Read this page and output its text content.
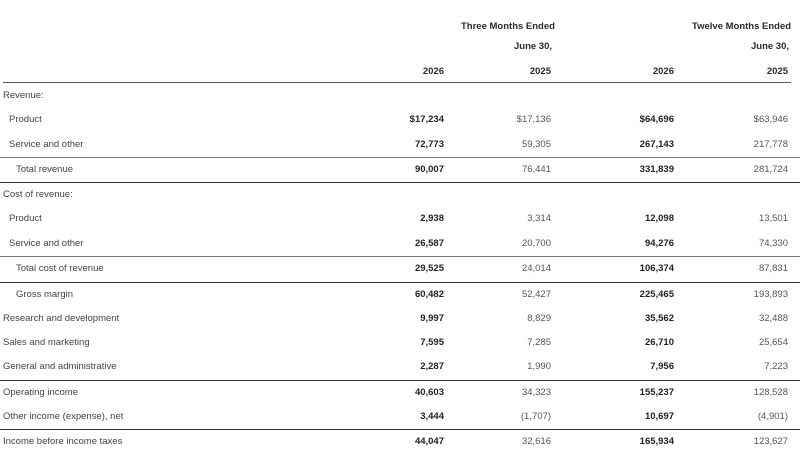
Three Months Ended
June 30,
Twelve Months Ended
June 30,
2026	2025	2026	2025
Revenue:
Product	$17,234	$17,136	$64,696	$63,946
Service and other	72,773	59,305	267,143	217,778
Total revenue	90,007	76,441	331,839	281,724
Cost of revenue:
Product	2,938	3,314	12,098	13,501
Service and other	26,587	20,700	94,276	74,330
Total cost of revenue	29,525	24,014	106,374	87,831
Gross margin	60,482	52,427	225,465	193,893
Research and development	9,997	8,829	35,562	32,488
Sales and marketing	7,595	7,285	26,710	25,654
General and administrative	2,287	1,990	7,956	7,223
Operating income	40,603	34,323	155,237	128,528
Other income (expense), net	3,444	(1,707)	10,697	(4,901)
Income before income taxes	44,047	32,616	165,934	123,627
